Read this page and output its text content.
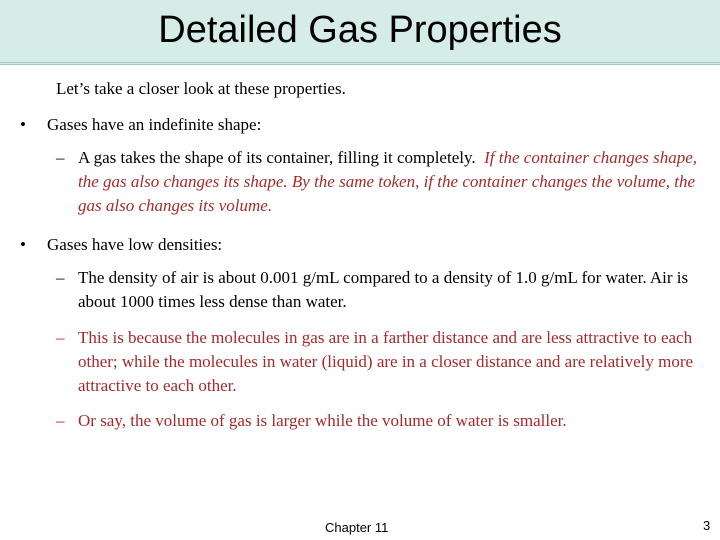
Detailed Gas Properties
Let’s take a closer look at these properties.
• Gases have an indefinite shape:
– A gas takes the shape of its container, filling it completely. If the container changes shape, the gas also changes its shape. By the same token, if the container changes the volume, the gas also changes its volume.
• Gases have low densities:
– The density of air is about 0.001 g/mL compared to a density of 1.0 g/mL for water. Air is about 1000 times less dense than water.
– This is because the molecules in gas are in a farther distance and are less attractive to each other; while the molecules in water (liquid) are in a closer distance and are relatively more attractive to each other.
– Or say, the volume of gas is larger while the volume of water is smaller.
Chapter 11	3
